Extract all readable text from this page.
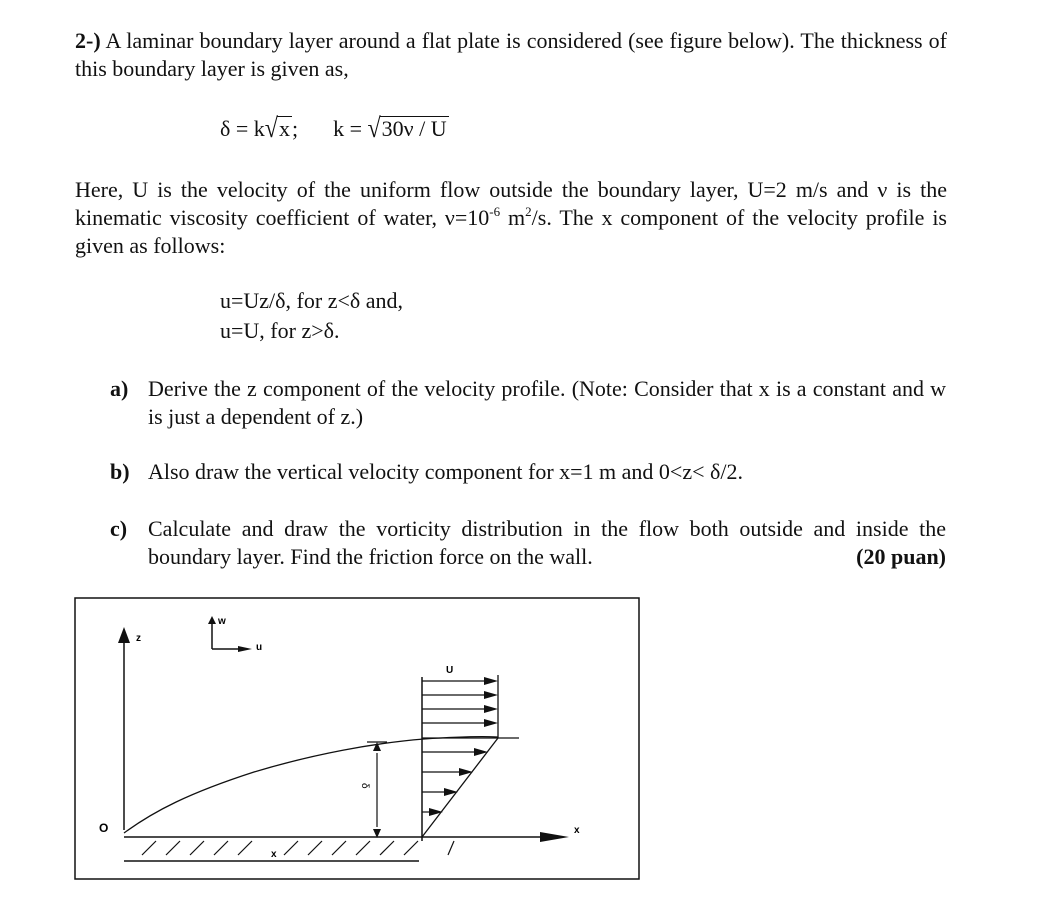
2-) A laminar boundary layer around a flat plate is considered (see figure below). The thickness of this boundary layer is given as,
δ = k√x; k = √30ν / U
Here, U is the velocity of the uniform flow outside the boundary layer, U=2 m/s and ν is the kinematic viscosity coefficient of water, $\nu=10^{-6}$ $m^2/s$. The x component of the velocity profile is given as follows:
u=Uz/δ, for z<δ and,
u=U, for z>δ.
a) Derive the z component of the velocity profile. (Note: Consider that x is a constant and w is just a dependent of z.)
b) Also draw the vertical velocity component for x=1 m and 0<z< δ/2.
c) Calculate and draw the vorticity distribution in the flow both outside and inside the boundary layer. Find the friction force on the wall.	(20 puan)
w
u
z
O	x
x
δ
U
